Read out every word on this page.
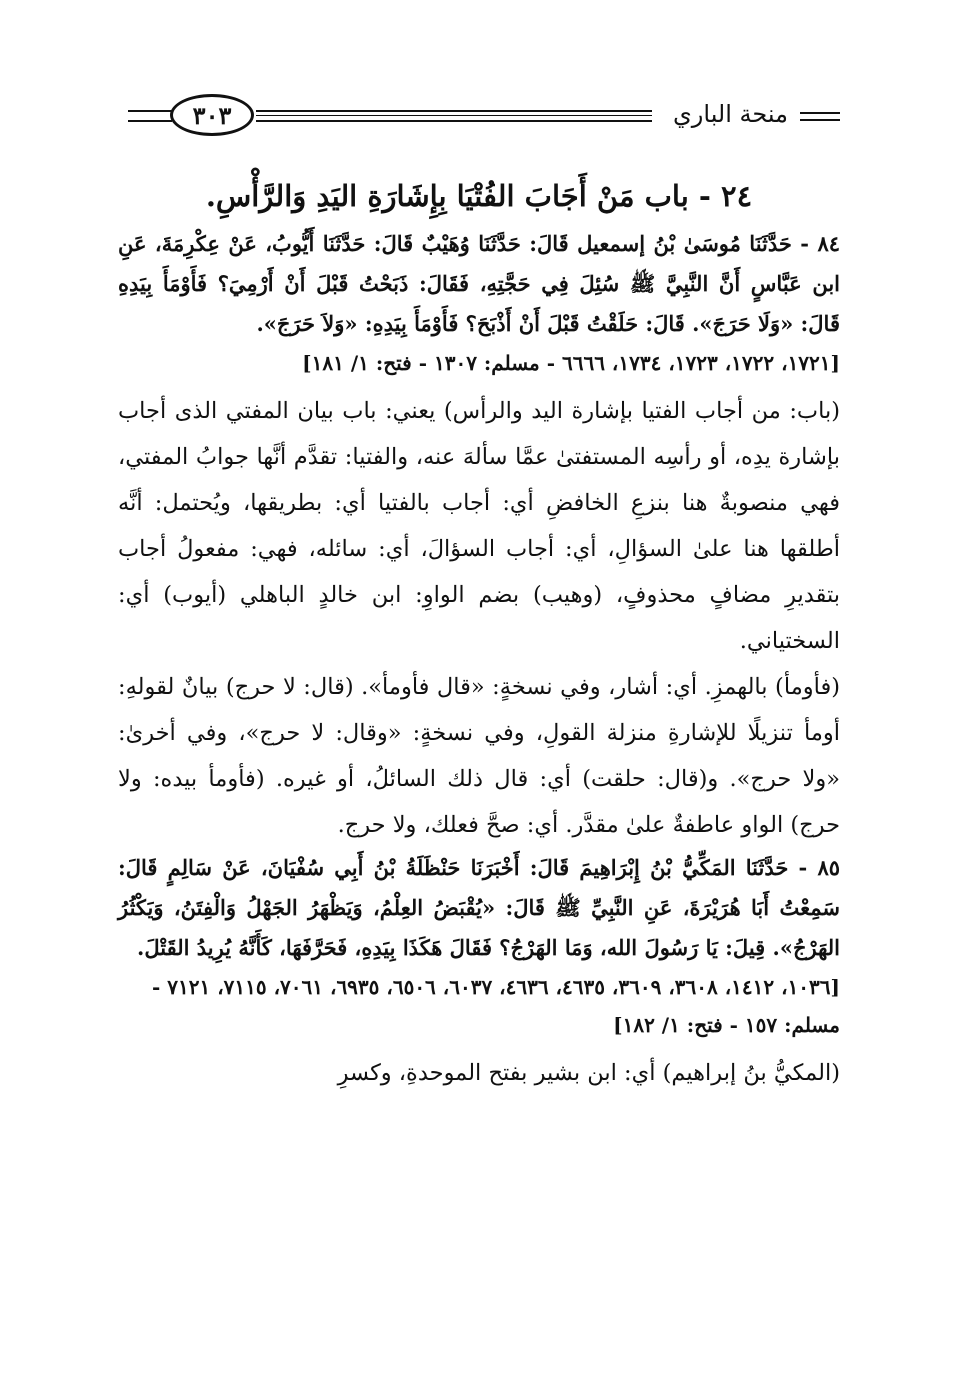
منحة الباري
٣٠٣
٢٤ - باب مَنْ أَجَابَ الفُتْيَا بِإِشَارَةِ اليَدِ وَالرَّأْسِ.

٨٤ - حَدَّثَنَا مُوسَىٰ بْنُ إسمعيل قَالَ: حَدَّثَنَا وُهَيْبٌ قَالَ: حَدَّثَنَا أَيُّوبُ، عَنْ عِكْرِمَةَ، عَنِ ابن عَبَّاسٍ أَنَّ النَّبِيَّ ﷺ سُئِلَ فِي حَجَّتِهِ، فَقَالَ: ذَبَحْتُ قَبْلَ أَنْ أَرْمِيَ؟ فَأَوْمَأَ بِيَدِهِ قَالَ: «وَلَا حَرَجَ». قَالَ: حَلَقْتُ قَبْلَ أَنْ أَذْبَحَ؟ فَأَوْمَأَ بِيَدِهِ: «وَلاَ حَرَجَ».

[١٧٢١، ١٧٢٢، ١٧٢٣، ١٧٣٤، ٦٦٦٦ - مسلم: ١٣٠٧ - فتح: ١/ ١٨١]

(باب: من أجاب الفتيا بإشارة اليد والرأس) يعني: باب بيان المفتي الذى أجاب بإشارة يدِه، أو رأسِه المستفتىٰ عمَّا سألهَ عنه، والفتيا: تقدَّم أنَّها جوابُ المفتي، فهي منصوبةٌ هنا بنزعِ الخافضِ أي: أجاب بالفتيا أي: بطريقها، ويُحتمل: أنَّه أطلقها هنا علىٰ السؤالِ، أي: أجاب السؤالَ، أي: سائله، فهي: مفعولُ أجاب بتقديرِ مضافٍ محذوفٍ، (وهيب) بضم الواوِ: ابن خالدٍ الباهلي (أيوب) أي: السختياني.

(فأومأ) بالهمزِ. أي: أشار، وفي نسخةٍ: «قال فأومأ». (قال: لا حرج) بيانٌ لقولهِ: أومأ تنزيلًا للإشارةِ منزلة القولِ، وفي نسخةٍ: «وقال: لا حرج»، وفي أخرىٰ: «ولا حرج». و(قال: حلقت) أي: قال ذلك السائلُ، أو غيره. (فأومأ بيده: ولا حرج) الواو عاطفةٌ علىٰ مقدَّر. أي: صحَّ فعلك، ولا حرج.

٨٥ - حَدَّثَنَا المَكِّيُّ بْنُ إِبْرَاهِيمَ قَالَ: أَخْبَرَنَا حَنْظَلَةُ بْنُ أَبِي سُفْيَانَ، عَنْ سَالِمٍ قَالَ: سَمِعْتُ أَبَا هُرَيْرَةَ، عَنِ النَّبِيِّ ﷺ قَالَ: «يُقْبَضُ العِلْمُ، وَيَظْهَرُ الجَهْلُ وَالْفِتَنُ، وَيَكْثُرُ الهَرْجُ». قِيلَ: يَا رَسُولَ الله، وَمَا الهَرْجُ؟ فَقَالَ هَكَذَا بِيَدِهِ، فَحَرَّفَهَا، كَأَنَّهُ يُرِيدُ القَتْلَ.

[١٠٣٦، ١٤١٢، ٣٦٠٨، ٣٦٠٩، ٤٦٣٥، ٤٦٣٦، ٦٠٣٧، ٦٥٠٦، ٦٩٣٥، ٧٠٦١، ٧١١٥، ٧١٢١ - مسلم: ١٥٧ - فتح: ١/ ١٨٢]

(المكيُّ بنُ إبراهيم) أي: ابن بشير بفتح الموحدةِ، وكسرِ
